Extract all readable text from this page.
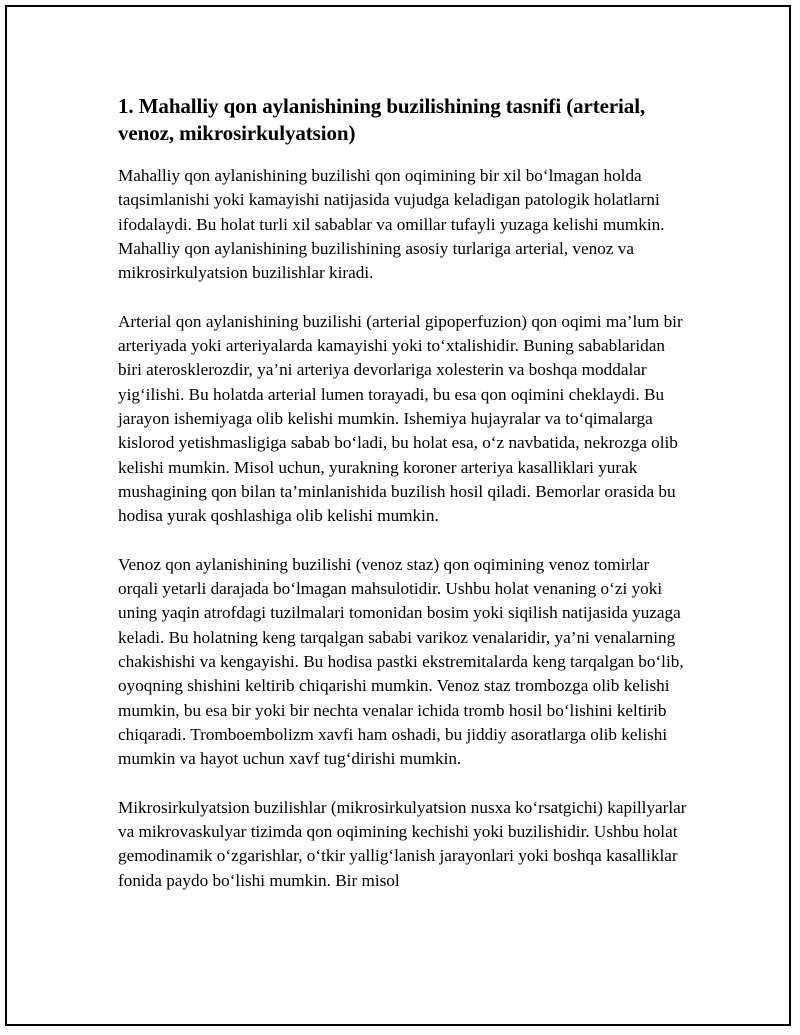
1. Mahalliy qon aylanishining buzilishining tasnifi (arterial, venoz, mikrosirkulyatsion)

Mahalliy qon aylanishining buzilishi qon oqimining bir xil bo‘lmagan holda taqsimlanishi yoki kamayishi natijasida vujudga keladigan patologik holatlarni ifodalaydi. Bu holat turli xil sabablar va omillar tufayli yuzaga kelishi mumkin. Mahalliy qon aylanishining buzilishining asosiy turlariga arterial, venoz va mikrosirkulyatsion buzilishlar kiradi.

Arterial qon aylanishining buzilishi (arterial gipoperfuzion) qon oqimi ma’lum bir arteriyada yoki arteriyalarda kamayishi yoki to‘xtalishidir. Buning sabablaridan biri aterosklerozdir, ya’ni arteriya devorlariga xolesterin va boshqa moddalar yig‘ilishi. Bu holatda arterial lumen torayadi, bu esa qon oqimini cheklaydi. Bu jarayon ishemiyaga olib kelishi mumkin. Ishemiya hujayralar va to‘qimalarga kislorod yetishmasligiga sabab bo‘ladi, bu holat esa, o‘z navbatida, nekrozga olib kelishi mumkin. Misol uchun, yurakning koroner arteriya kasalliklari yurak mushagining qon bilan ta’minlanishida buzilish hosil qiladi. Bemorlar orasida bu hodisa yurak qoshlashiga olib kelishi mumkin.

Venoz qon aylanishining buzilishi (venoz staz) qon oqimining venoz tomirlar orqali yetarli darajada bo‘lmagan mahsulotidir. Ushbu holat venaning o‘zi yoki uning yaqin atrofdagi tuzilmalari tomonidan bosim yoki siqilish natijasida yuzaga keladi. Bu holatning keng tarqalgan sababi varikoz venalaridir, ya’ni venalarning chakishishi va kengayishi. Bu hodisa pastki ekstremitalarda keng tarqalgan bo‘lib, oyoqning shishini keltirib chiqarishi mumkin. Venoz staz trombozga olib kelishi mumkin, bu esa bir yoki bir nechta venalar ichida tromb hosil bo‘lishini keltirib chiqaradi. Tromboembolizm xavfi ham oshadi, bu jiddiy asoratlarga olib kelishi mumkin va hayot uchun xavf tug‘dirishi mumkin.

Mikrosirkulyatsion buzilishlar (mikrosirkulyatsion nusxa ko‘rsatgichi) kapillyarlar va mikrovaskulyar tizimda qon oqimining kechishi yoki buzilishidir. Ushbu holat gemodinamik o‘zgarishlar, o‘tkir yallig‘lanish jarayonlari yoki boshqa kasalliklar fonida paydo bo‘lishi mumkin. Bir misol
